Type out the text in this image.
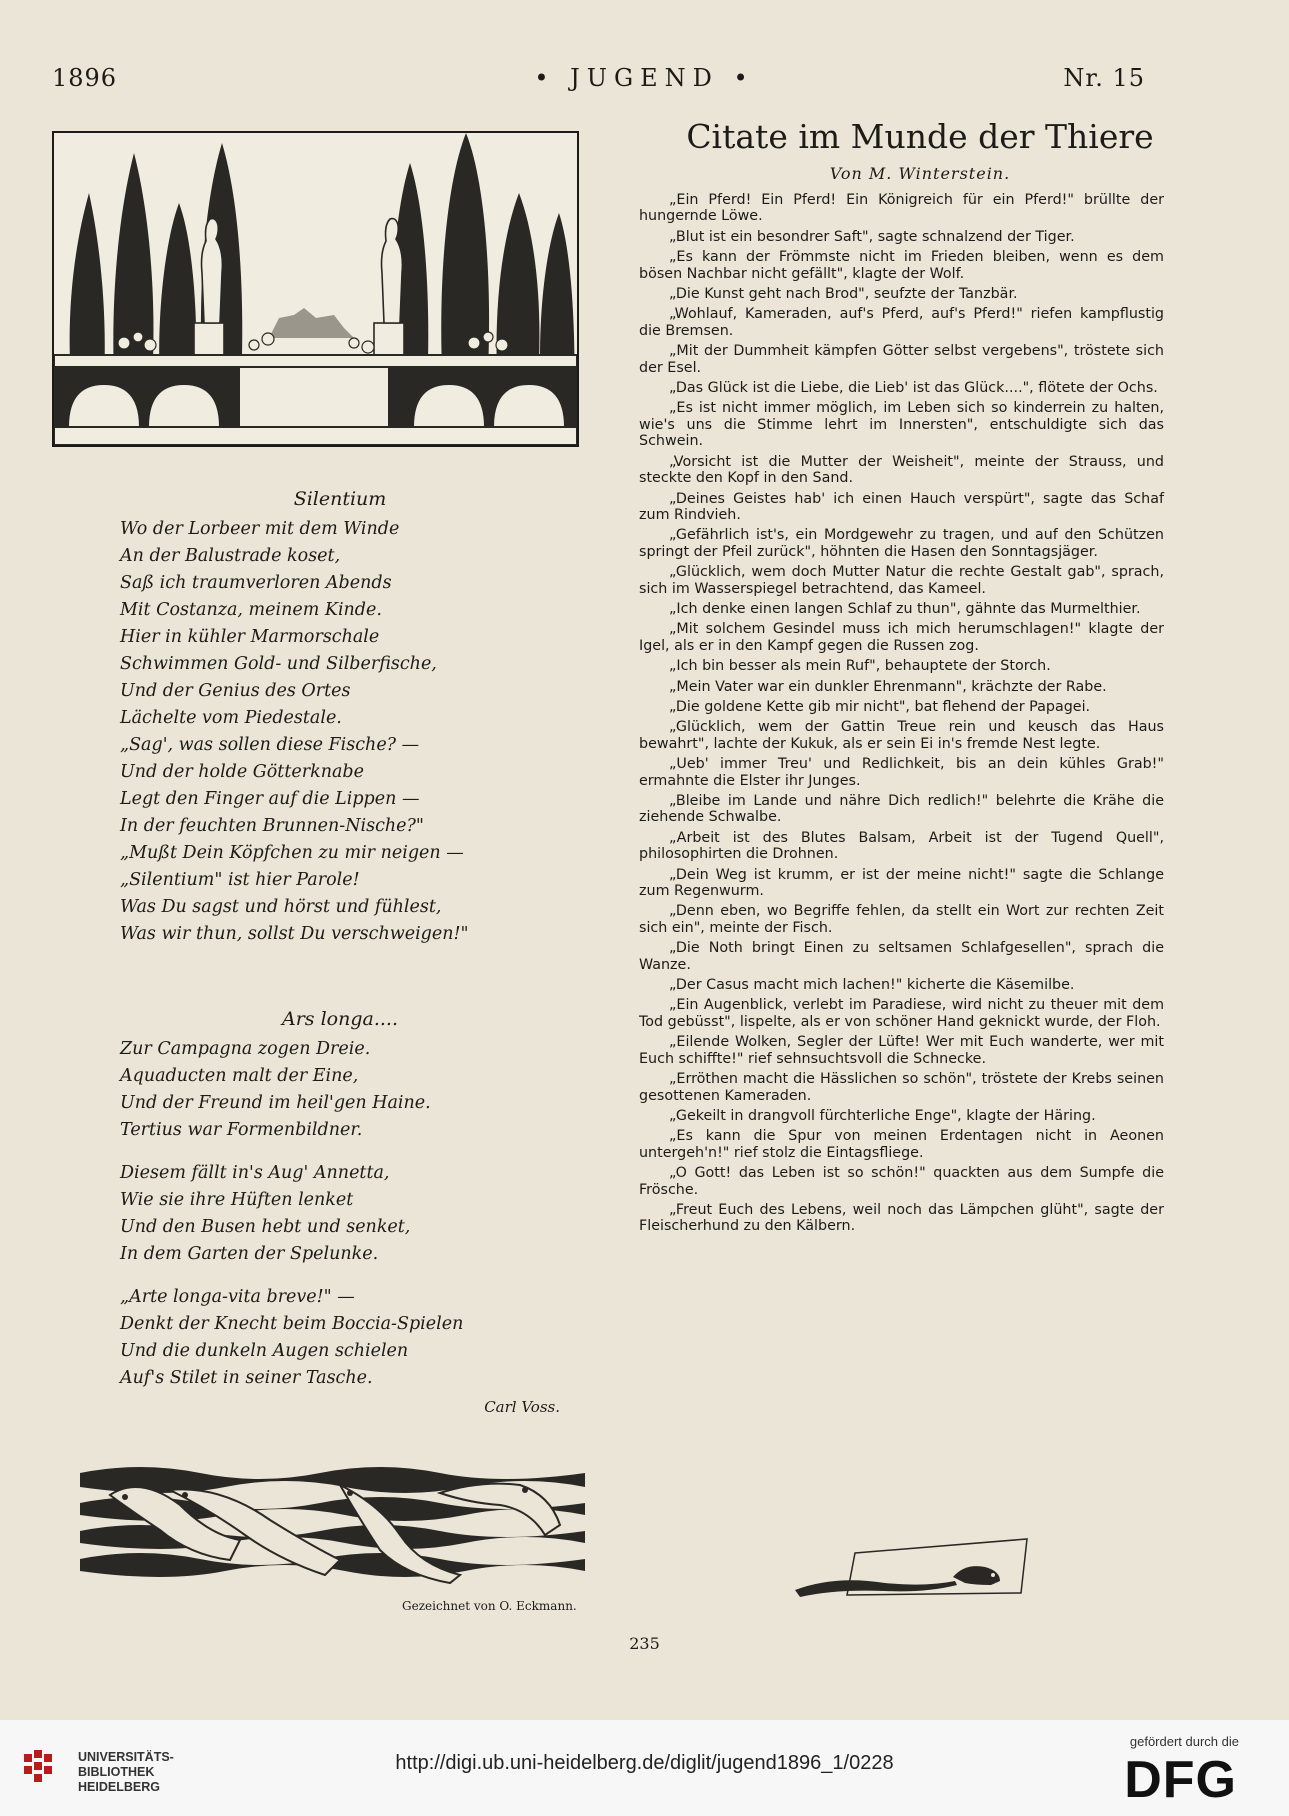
1896	• JUGEND •	Nr. 15
Silentium
Wo der Lorbeer mit dem Winde
An der Balustrade koset,
Saß ich traumverloren Abends
Mit Costanza, meinem Kinde.
Hier in kühler Marmorschale
Schwimmen Gold- und Silberfische,
Und der Genius des Ortes
Lächelte vom Piedestale.
„Sag', was sollen diese Fische? —
Und der holde Götterknabe
Legt den Finger auf die Lippen —
In der feuchten Brunnen-Nische?"
„Mußt Dein Köpfchen zu mir neigen —
„Silentium" ist hier Parole!
Was Du sagst und hörst und fühlest,
Was wir thun, sollst Du verschweigen!"
Ars longa....
Zur Campagna zogen Dreie.
Aquaducten malt der Eine,
Und der Freund im heil'gen Haine.
Tertius war Formenbildner.
Diesem fällt in's Aug' Annetta,
Wie sie ihre Hüften lenket
Und den Busen hebt und senket,
In dem Garten der Spelunke.
„Arte longa-vita breve!" —
Denkt der Knecht beim Boccia-Spielen
Und die dunkeln Augen schielen
Auf's Stilet in seiner Tasche.
Carl Voss.
Gezeichnet von O. Eckmann.
235
Citate im Munde der Thiere
Von M. Winterstein.

„Ein Pferd! Ein Pferd! Ein Königreich für ein Pferd!" brüllte der hungernde Löwe.

„Blut ist ein besondrer Saft", sagte schnalzend der Tiger.

„Es kann der Frömmste nicht im Frieden bleiben, wenn es dem bösen Nachbar nicht gefällt", klagte der Wolf.

„Die Kunst geht nach Brod", seufzte der Tanzbär.

„Wohlauf, Kameraden, auf's Pferd, auf's Pferd!" riefen kampflustig die Bremsen.

„Mit der Dummheit kämpfen Götter selbst vergebens", tröstete sich der Esel.

„Das Glück ist die Liebe, die Lieb' ist das Glück....", flötete der Ochs.

„Es ist nicht immer möglich, im Leben sich so kinderrein zu halten, wie's uns die Stimme lehrt im Innersten", entschuldigte sich das Schwein.

„Vorsicht ist die Mutter der Weisheit", meinte der Strauss, und steckte den Kopf in den Sand.

„Deines Geistes hab' ich einen Hauch verspürt", sagte das Schaf zum Rindvieh.

„Gefährlich ist's, ein Mordgewehr zu tragen, und auf den Schützen springt der Pfeil zurück", höhnten die Hasen den Sonntagsjäger.

„Glücklich, wem doch Mutter Natur die rechte Gestalt gab", sprach, sich im Wasserspiegel betrachtend, das Kameel.

„Ich denke einen langen Schlaf zu thun", gähnte das Murmelthier.

„Mit solchem Gesindel muss ich mich herumschlagen!" klagte der Igel, als er in den Kampf gegen die Russen zog.

„Ich bin besser als mein Ruf", behauptete der Storch.

„Mein Vater war ein dunkler Ehrenmann", krächzte der Rabe.

„Die goldene Kette gib mir nicht", bat flehend der Papagei.

„Glücklich, wem der Gattin Treue rein und keusch das Haus bewahrt", lachte der Kukuk, als er sein Ei in's fremde Nest legte.

„Ueb' immer Treu' und Redlichkeit, bis an dein kühles Grab!" ermahnte die Elster ihr Junges.

„Bleibe im Lande und nähre Dich redlich!" belehrte die Krähe die ziehende Schwalbe.

„Arbeit ist des Blutes Balsam, Arbeit ist der Tugend Quell", philosophirten die Drohnen.

„Dein Weg ist krumm, er ist der meine nicht!" sagte die Schlange zum Regenwurm.

„Denn eben, wo Begriffe fehlen, da stellt ein Wort zur rechten Zeit sich ein", meinte der Fisch.

„Die Noth bringt Einen zu seltsamen Schlafgesellen", sprach die Wanze.

„Der Casus macht mich lachen!" kicherte die Käsemilbe.

„Ein Augenblick, verlebt im Paradiese, wird nicht zu theuer mit dem Tod gebüsst", lispelte, als er von schöner Hand geknickt wurde, der Floh.

„Eilende Wolken, Segler der Lüfte! Wer mit Euch wanderte, wer mit Euch schiffte!" rief sehnsuchtsvoll die Schnecke.

„Erröthen macht die Hässlichen so schön", tröstete der Krebs seinen gesottenen Kameraden.

„Gekeilt in drangvoll fürchterliche Enge", klagte der Häring.

„Es kann die Spur von meinen Erdentagen nicht in Aeonen untergeh'n!" rief stolz die Eintagsfliege.

„O Gott! das Leben ist so schön!" quackten aus dem Sumpfe die Frösche.

„Freut Euch des Lebens, weil noch das Lämpchen glüht", sagte der Fleischerhund zu den Kälbern.

UNIVERSITÄTS-
BIBLIOTHEK
HEIDELBERG
http://digi.ub.uni-heidelberg.de/diglit/jugend1896_1/0228
gefördert durch die
DFG
